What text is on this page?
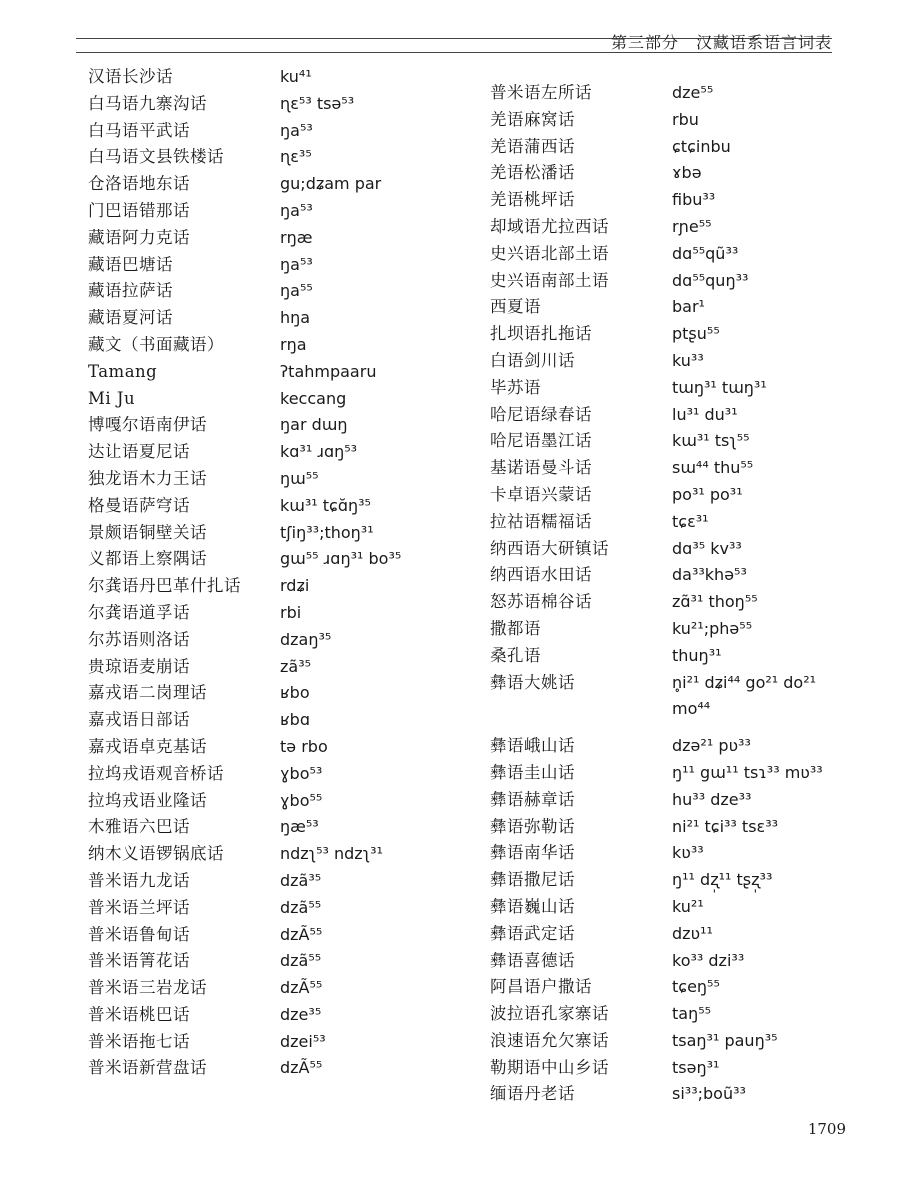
第三部分　汉藏语系语言词表
汉语长沙话	ku⁴¹
白马语九寨沟话	ɳɛ⁵³ tsə⁵³
白马语平武话	ŋa⁵³
白马语文县铁楼话	ɳɛ³⁵
仓洛语地东话	gu;dʑam par
门巴语错那话	ŋa⁵³
藏语阿力克话	rŋæ
藏语巴塘话	ŋa⁵³
藏语拉萨话	ŋa⁵⁵
藏语夏河话	hŋa
藏文（书面藏语）	rŋa
Tamang	ʔtahmpaaru
Mi Ju	keccang
博嘎尔语南伊话	ŋar dɯŋ
达让语夏尼话	kɑ³¹ ɹɑŋ⁵³
独龙语木力王话	ŋɯ⁵⁵
格曼语萨穹话	kɯ³¹ tɕɑ̆ŋ³⁵
景颇语铜壁关话	tʃiŋ³³;thoŋ³¹
义都语上察隅话	gɯ⁵⁵ ɹɑŋ³¹ bo³⁵
尔龚语丹巴革什扎话	rdʑi
尔龚语道孚话	rbi
尔苏语则洛话	dzaŋ³⁵
贵琼语麦崩话	zã³⁵
嘉戎语二岗理话	ʁbo
嘉戎语日部话	ʁbɑ
嘉戎语卓克基话	tə rbo
拉坞戎语观音桥话	ɣbo⁵³
拉坞戎语业隆话	ɣbo⁵⁵
木雅语六巴话	ŋæ⁵³
纳木义语锣锅底话	ndzʅ⁵³ ndzʅ³¹
普米语九龙话	dzã³⁵
普米语兰坪话	dzã⁵⁵
普米语鲁甸话	dzÃ⁵⁵
普米语箐花话	dzã⁵⁵
普米语三岩龙话	dzÃ⁵⁵
普米语桃巴话	dze³⁵
普米语拖七话	dzei⁵³
普米语新营盘话	dzÃ⁵⁵
普米语左所话	dze⁵⁵
羌语麻窝话	rbu
羌语蒲西话	ɕtɕinbu
羌语松潘话	ɤbə
羌语桃坪话	fibu³³
却域语尤拉西话	rɲe⁵⁵
史兴语北部土语	dɑ⁵⁵qũ³³
史兴语南部土语	dɑ⁵⁵quŋ³³
西夏语	bar¹
扎坝语扎拖话	ptʂu⁵⁵
白语剑川话	ku³³
毕苏语	tɯŋ³¹ tɯŋ³¹
哈尼语绿春话	lu³¹ du³¹
哈尼语墨江话	kɯ³¹ tsʅ⁵⁵
基诺语曼斗话	sɯ⁴⁴ thu⁵⁵
卡卓语兴蒙话	po³¹ po³¹
拉祜语糯福话	tɕɛ³¹
纳西语大研镇话	dɑ³⁵ kv³³
纳西语水田话	da³³khə⁵³
怒苏语棉谷话	zɑ̃³¹ thoŋ⁵⁵
撒都语	ku²¹;phə⁵⁵
桑孔语	thuŋ³¹
彝语大姚话	n̥i²¹ dʑi⁴⁴ go²¹ do²¹
mo⁴⁴
彝语峨山话	dzə²¹ pʋ³³
彝语圭山话	ŋ¹¹ gɯ¹¹ tsɿ³³ mʋ³³
彝语赫章话	hu³³ dze³³
彝语弥勒话	ni²¹ tɕi³³ tsɛ³³
彝语南华话	kʋ³³
彝语撒尼话	ŋ¹¹ dʐ̩¹¹ tʂʐ̩³³
彝语巍山话	ku²¹
彝语武定话	dzʋ¹¹
彝语喜德话	ko³³ dzi³³
阿昌语户撒话	tɕeŋ⁵⁵
波拉语孔家寨话	taŋ⁵⁵
浪速语允欠寨话	tsaŋ³¹ pauŋ³⁵
勒期语中山乡话	tsəŋ³¹
缅语丹老话	si³³;boũ³³
1709
